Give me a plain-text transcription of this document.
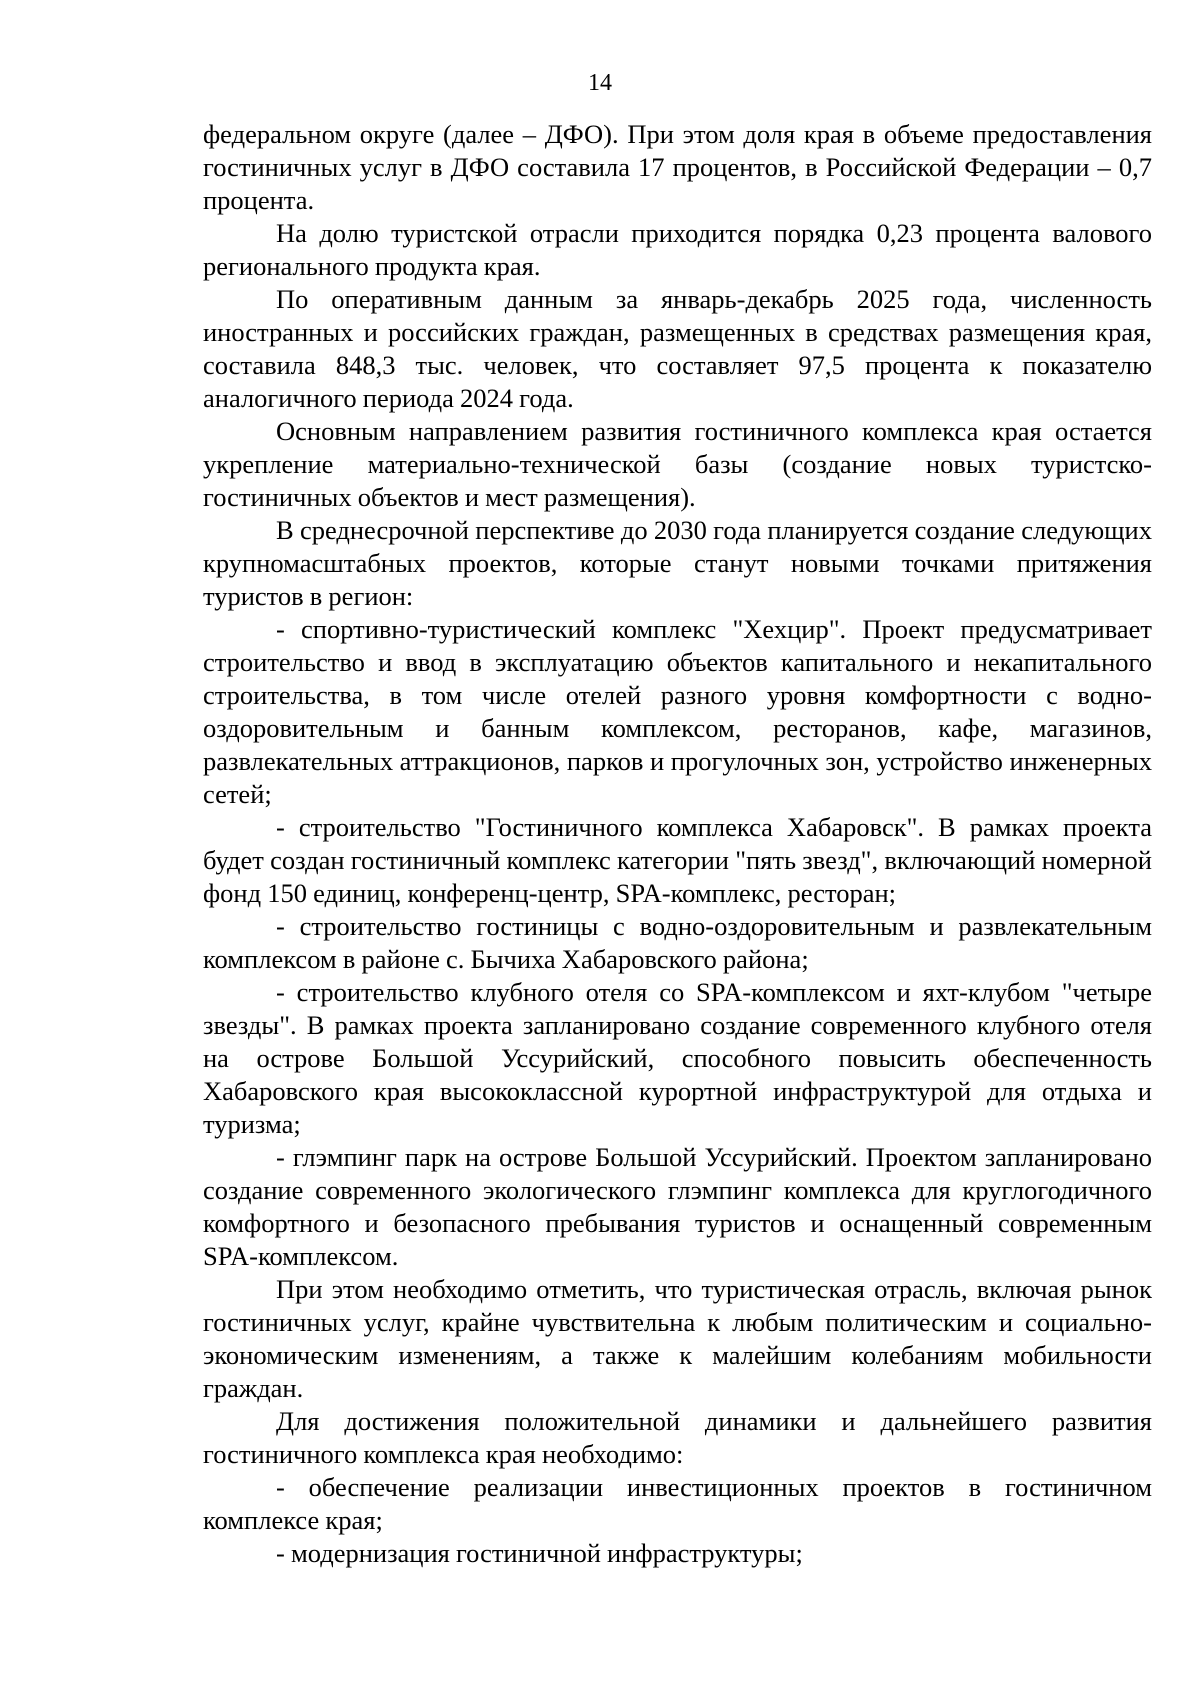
14

федеральном округе (далее – ДФО). При этом доля края в объеме предоставления гостиничных услуг в ДФО составила 17 процентов, в Российской Федерации – 0,7 процента.

На долю туристской отрасли приходится порядка 0,23 процента валового регионального продукта края.

По оперативным данным за январь-декабрь 2025 года, численность иностранных и российских граждан, размещенных в средствах размещения края, составила 848,3 тыс. человек, что составляет 97,5 процента к показателю аналогичного периода 2024 года.

Основным направлением развития гостиничного комплекса края остается укрепление материально-технической базы (создание новых туристско-гостиничных объектов и мест размещения).

В среднесрочной перспективе до 2030 года планируется создание следующих крупномасштабных проектов, которые станут новыми точками притяжения туристов в регион:

- спортивно-туристический комплекс "Хехцир". Проект предусматривает строительство и ввод в эксплуатацию объектов капитального и некапитального строительства, в том числе отелей разного уровня комфортности с водно-оздоровительным и банным комплексом, ресторанов, кафе, магазинов, развлекательных аттракционов, парков и прогулочных зон, устройство инженерных сетей;

- строительство "Гостиничного комплекса Хабаровск". В рамках проекта будет создан гостиничный комплекс категории "пять звезд", включающий номерной фонд 150 единиц, конференц-центр, SPA-комплекс, ресторан;

- строительство гостиницы с водно-оздоровительным и развлекательным комплексом в районе с. Бычиха Хабаровского района;

- строительство клубного отеля со SPA-комплексом и яхт-клубом "четыре звезды". В рамках проекта запланировано создание современного клубного отеля на острове Большой Уссурийский, способного повысить обеспеченность Хабаровского края высококлассной курортной инфраструктурой для отдыха и туризма;

- глэмпинг парк на острове Большой Уссурийский. Проектом запланировано создание современного экологического глэмпинг комплекса для круглогодичного комфортного и безопасного пребывания туристов и оснащенный современным SPA-комплексом.

При этом необходимо отметить, что туристическая отрасль, включая рынок гостиничных услуг, крайне чувствительна к любым политическим и социально-экономическим изменениям, а также к малейшим колебаниям мобильности граждан.

Для достижения положительной динамики и дальнейшего развития гостиничного комплекса края необходимо:

- обеспечение реализации инвестиционных проектов в гостиничном комплексе края;

- модернизация гостиничной инфраструктуры;
